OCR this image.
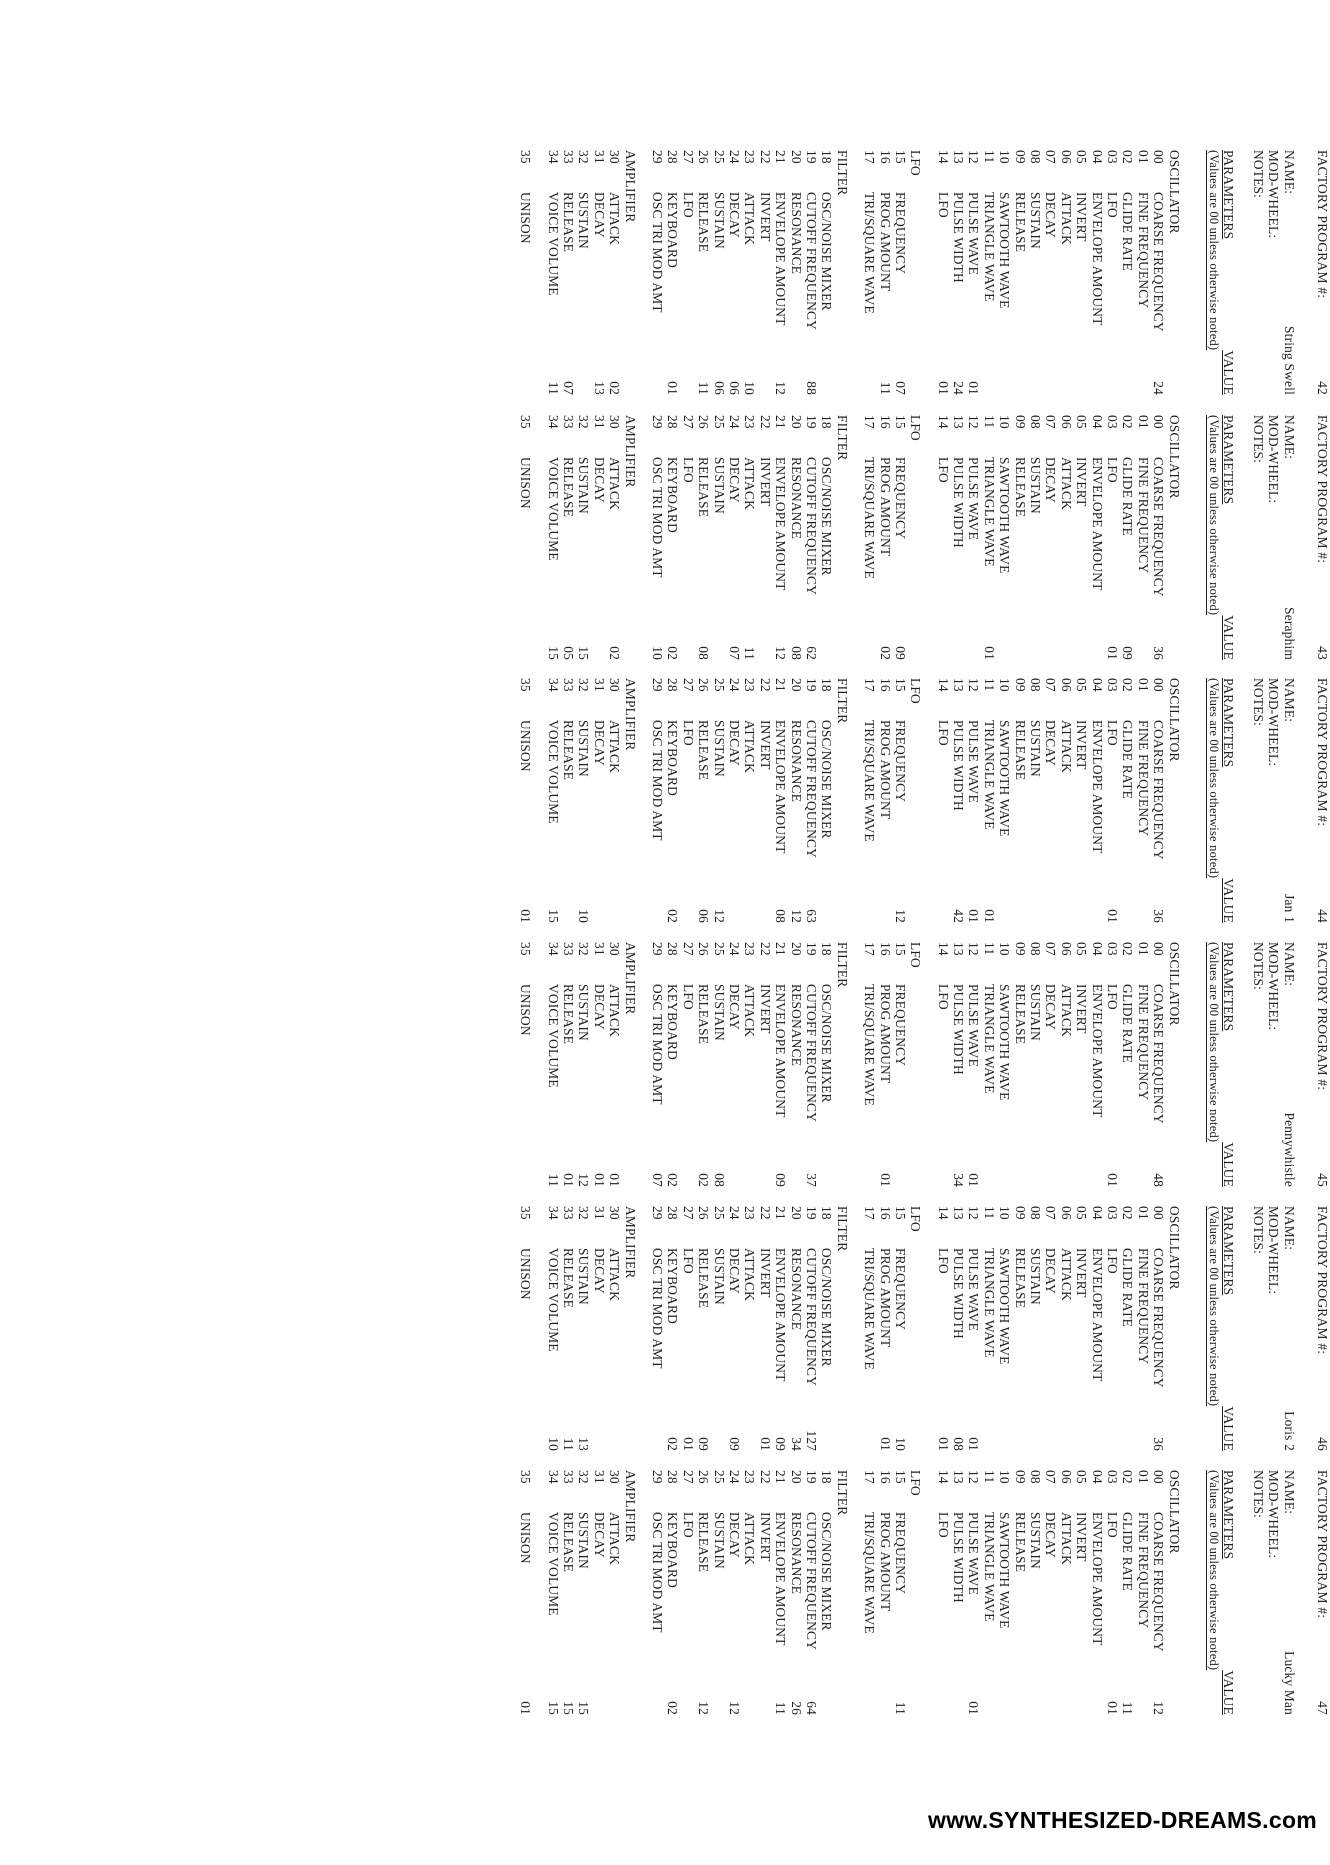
FACTORY PROGRAM #:
42
NAME:
String Swell
MOD-WHEEL:
NOTES:
PARAMETERS
VALUE
(Values are 00 unless otherwise noted)
OSCILLATOR
00
COARSE FREQUENCY
24
01
FINE FREQUENCY
02
GLIDE RATE
03
LFO
04
ENVELOPE AMOUNT
05
INVERT
06
ATTACK
07
DECAY
08
SUSTAIN
09
RELEASE
10
SAWTOOTH WAVE
11
TRIANGLE WAVE
12
PULSE WAVE
01
13
PULSE WIDTH
24
14
LFO
01
LFO
15
FREQUENCY
07
16
PROG AMOUNT
11
17
TRI/SQUARE WAVE
FILTER
18
OSC/NOISE MIXER
19
CUTOFF FREQUENCY
88
20
RESONANCE
21
ENVELOPE AMOUNT
12
22
INVERT
23
ATTACK
10
24
DECAY
06
25
SUSTAIN
06
26
RELEASE
11
27
LFO
28
KEYBOARD
01
29
OSC TRI MOD AMT
AMPLIFIER
30
ATTACK
02
31
DECAY
13
32
SUSTAIN
33
RELEASE
07
34
VOICE VOLUME
11
35
UNISON
FACTORY PROGRAM #:
43
NAME:
Seraphim
MOD-WHEEL:
NOTES:
PARAMETERS
VALUE
(Values are 00 unless otherwise noted)
OSCILLATOR
00
COARSE FREQUENCY
36
01
FINE FREQUENCY
02
GLIDE RATE
09
03
LFO
01
04
ENVELOPE AMOUNT
05
INVERT
06
ATTACK
07
DECAY
08
SUSTAIN
09
RELEASE
10
SAWTOOTH WAVE
11
TRIANGLE WAVE
01
12
PULSE WAVE
13
PULSE WIDTH
14
LFO
LFO
15
FREQUENCY
09
16
PROG AMOUNT
02
17
TRI/SQUARE WAVE
FILTER
18
OSC/NOISE MIXER
19
CUTOFF FREQUENCY
62
20
RESONANCE
08
21
ENVELOPE AMOUNT
12
22
INVERT
23
ATTACK
11
24
DECAY
07
25
SUSTAIN
26
RELEASE
08
27
LFO
28
KEYBOARD
02
29
OSC TRI MOD AMT
10
AMPLIFIER
30
ATTACK
02
31
DECAY
32
SUSTAIN
15
33
RELEASE
05
34
VOICE VOLUME
15
35
UNISON
FACTORY PROGRAM #:
44
NAME:
Jan 1
MOD-WHEEL:
NOTES:
PARAMETERS
VALUE
(Values are 00 unless otherwise noted)
OSCILLATOR
00
COARSE FREQUENCY
36
01
FINE FREQUENCY
02
GLIDE RATE
03
LFO
01
04
ENVELOPE AMOUNT
05
INVERT
06
ATTACK
07
DECAY
08
SUSTAIN
09
RELEASE
10
SAWTOOTH WAVE
11
TRIANGLE WAVE
01
12
PULSE WAVE
01
13
PULSE WIDTH
42
14
LFO
LFO
15
FREQUENCY
12
16
PROG AMOUNT
17
TRI/SQUARE WAVE
FILTER
18
OSC/NOISE MIXER
19
CUTOFF FREQUENCY
63
20
RESONANCE
12
21
ENVELOPE AMOUNT
08
22
INVERT
23
ATTACK
24
DECAY
25
SUSTAIN
12
26
RELEASE
06
27
LFO
28
KEYBOARD
02
29
OSC TRI MOD AMT
AMPLIFIER
30
ATTACK
31
DECAY
32
SUSTAIN
10
33
RELEASE
34
VOICE VOLUME
15
35
UNISON
01
FACTORY PROGRAM #:
45
NAME:
Pennywhistle
MOD-WHEEL:
NOTES:
PARAMETERS
VALUE
(Values are 00 unless otherwise noted)
OSCILLATOR
00
COARSE FREQUENCY
48
01
FINE FREQUENCY
02
GLIDE RATE
03
LFO
01
04
ENVELOPE AMOUNT
05
INVERT
06
ATTACK
07
DECAY
08
SUSTAIN
09
RELEASE
10
SAWTOOTH WAVE
11
TRIANGLE WAVE
12
PULSE WAVE
01
13
PULSE WIDTH
34
14
LFO
LFO
15
FREQUENCY
16
PROG AMOUNT
01
17
TRI/SQUARE WAVE
FILTER
18
OSC/NOISE MIXER
19
CUTOFF FREQUENCY
37
20
RESONANCE
21
ENVELOPE AMOUNT
09
22
INVERT
23
ATTACK
24
DECAY
25
SUSTAIN
08
26
RELEASE
02
27
LFO
28
KEYBOARD
02
29
OSC TRI MOD AMT
07
AMPLIFIER
30
ATTACK
01
31
DECAY
01
32
SUSTAIN
12
33
RELEASE
01
34
VOICE VOLUME
11
35
UNISON
FACTORY PROGRAM #:
46
NAME:
Loris 2
MOD-WHEEL:
NOTES:
PARAMETERS
VALUE
(Values are 00 unless otherwise noted)
OSCILLATOR
00
COARSE FREQUENCY
36
01
FINE FREQUENCY
02
GLIDE RATE
03
LFO
04
ENVELOPE AMOUNT
05
INVERT
06
ATTACK
07
DECAY
08
SUSTAIN
09
RELEASE
10
SAWTOOTH WAVE
11
TRIANGLE WAVE
12
PULSE WAVE
01
13
PULSE WIDTH
08
14
LFO
01
LFO
15
FREQUENCY
10
16
PROG AMOUNT
01
17
TRI/SQUARE WAVE
FILTER
18
OSC/NOISE MIXER
19
CUTOFF FREQUENCY
127
20
RESONANCE
34
21
ENVELOPE AMOUNT
09
22
INVERT
01
23
ATTACK
24
DECAY
09
25
SUSTAIN
26
RELEASE
09
27
LFO
01
28
KEYBOARD
02
29
OSC TRI MOD AMT
AMPLIFIER
30
ATTACK
31
DECAY
32
SUSTAIN
13
33
RELEASE
11
34
VOICE VOLUME
10
35
UNISON
FACTORY PROGRAM #:
47
NAME:
Lucky Man
MOD-WHEEL:
NOTES:
PARAMETERS
VALUE
(Values are 00 unless otherwise noted)
OSCILLATOR
00
COARSE FREQUENCY
12
01
FINE FREQUENCY
02
GLIDE RATE
11
03
LFO
01
04
ENVELOPE AMOUNT
05
INVERT
06
ATTACK
07
DECAY
08
SUSTAIN
09
RELEASE
10
SAWTOOTH WAVE
11
TRIANGLE WAVE
12
PULSE WAVE
01
13
PULSE WIDTH
14
LFO
LFO
15
FREQUENCY
11
16
PROG AMOUNT
17
TRI/SQUARE WAVE
FILTER
18
OSC/NOISE MIXER
19
CUTOFF FREQUENCY
64
20
RESONANCE
26
21
ENVELOPE AMOUNT
11
22
INVERT
23
ATTACK
24
DECAY
12
25
SUSTAIN
26
RELEASE
12
27
LFO
28
KEYBOARD
02
29
OSC TRI MOD AMT
AMPLIFIER
30
ATTACK
31
DECAY
32
SUSTAIN
15
33
RELEASE
15
34
VOICE VOLUME
15
35
UNISON
01
www.SYNTHESIZED-DREAMS.com
